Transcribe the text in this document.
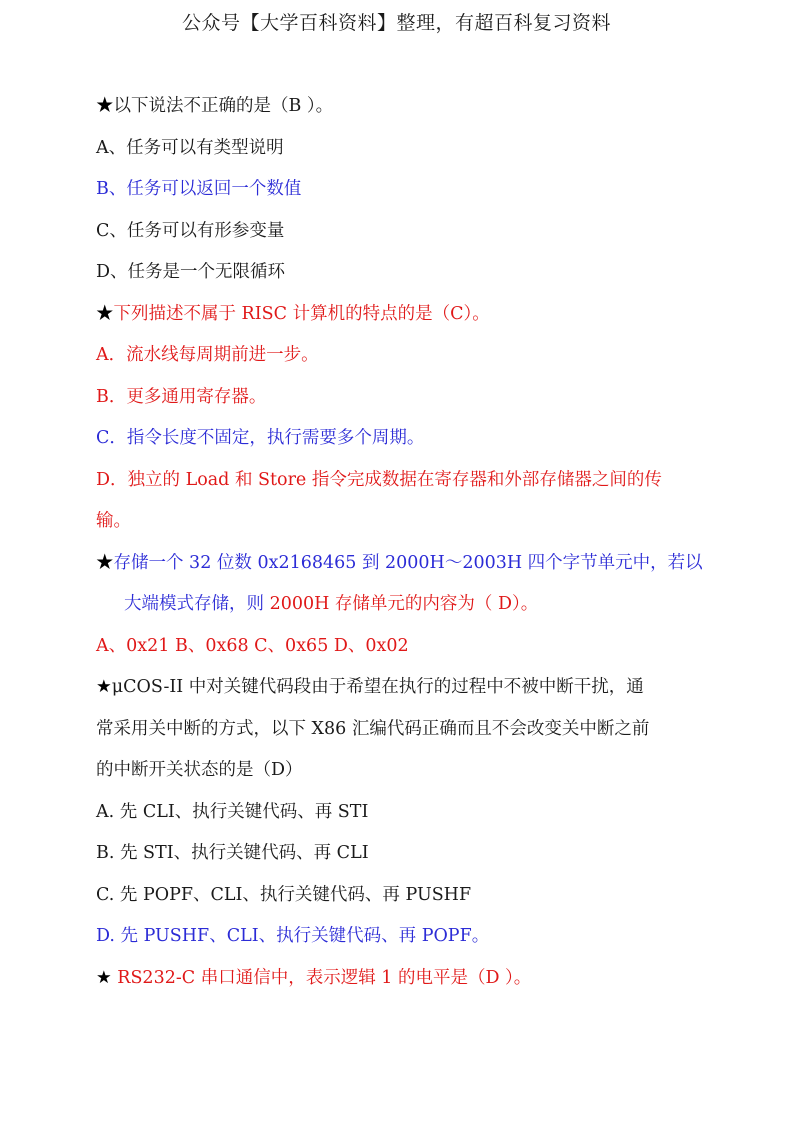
公众号【大学百科资料】整理，有超百科复习资料
★以下说法不正确的是（B ）。
A、任务可以有类型说明
B、任务可以返回一个数值
C、任务可以有形参变量
D、任务是一个无限循环
★下列描述不属于 RISC 计算机的特点的是（C）。
A．流水线每周期前进一步。
B．更多通用寄存器。
C．指令长度不固定，执行需要多个周期。
D．独立的 Load 和 Store 指令完成数据在寄存器和外部存储器之间的传
输。
★存储一个 32 位数 0x2168465 到 2000H～2003H 四个字节单元中，若以
大端模式存储，则 2000H 存储单元的内容为（ D）。
A、0x21 B、0x68 C、0x65 D、0x02
★μCOS-II 中对关键代码段由于希望在执行的过程中不被中断干扰，通
常采用关中断的方式，以下 X86 汇编代码正确而且不会改变关中断之前
的中断开关状态的是（D）
A. 先 CLI、执行关键代码、再 STI
B. 先 STI、执行关键代码、再 CLI
C. 先 POPF、CLI、执行关键代码、再 PUSHF
D. 先 PUSHF、CLI、执行关键代码、再 POPF。
★ RS232-C 串口通信中，表示逻辑 1 的电平是（D ）。
